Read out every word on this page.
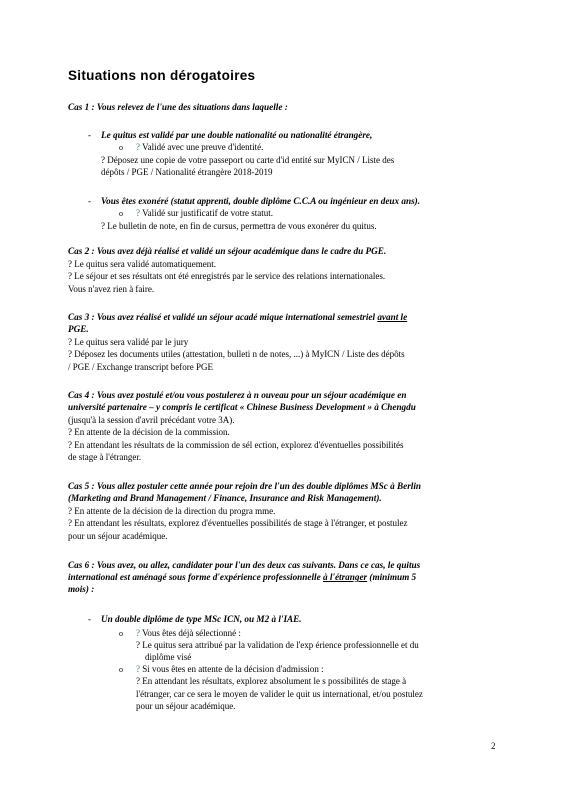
Situations non dérogatoires
Cas 1 : Vous relevez de l'une des situations dans laquelle :
- Le quitus est validé par une double nationalité ou nationalité étrangère,
o ? Validé avec une preuve d'identité.
? Déposez une copie de votre passeport ou carte d'id entité sur MyICN / Liste des
dépôts / PGE / Nationalité étrangère 2018-2019
- Vous êtes exonéré (statut apprenti, double diplôme C.C.A ou ingénieur en deux ans).
o ? Validé sur justificatif de votre statut.
? Le bulletin de note, en fin de cursus, permettra de vous exonérer du quitus.
Cas 2 : Vous avez déjà réalisé et validé un séjour académique dans le cadre du PGE.
? Le quitus sera validé automatiquement.
? Le séjour et ses résultats ont été enregistrés par le service des relations internationales.
Vous n'avez rien à faire.
Cas 3 : Vous avez réalisé et validé un séjour acadé mique international semestriel avant le
PGE.
? Le quitus sera validé par le jury
? Déposez les documents utiles (attestation, bulleti n de notes, ...) à MyICN / Liste des dépôts
/ PGE / Exchange transcript before PGE
Cas 4 : Vous avez postulé et/ou vous postulerez à n ouveau pour un séjour académique en
université partenaire – y compris le certificat « Chinese Business Development » à Chengdu
(jusqu'à la session d'avril précédant votre 3A).
? En attente de la décision de la commission.
? En attendant les résultats de la commission de sél ection, explorez d'éventuelles possibilités
de stage à l'étranger.
Cas 5 : Vous allez postuler cette année pour rejoin dre l'un des double diplômes MSc à Berlin
(Marketing and Brand Management / Finance, Insurance and Risk Management).
? En attente de la décision de la direction du progra mme.
? En attendant les résultats, explorez d'éventuelles possibilités de stage à l'étranger, et postulez
pour un séjour académique.
Cas 6 : Vous avez, ou allez, candidater pour l'un des deux cas suivants. Dans ce cas, le quitus
international est aménagé sous forme d'expérience professionnelle à l'étranger (minimum 5
mois) :
- Un double diplôme de type MSc ICN, ou M2 à l'IAE.
o ? Vous êtes déjà sélectionné :
? Le quitus sera attribué par la validation de l'exp érience professionnelle et du
diplôme visé
o ? Si vous êtes en attente de la décision d'admission :
? En attendant les résultats, explorez absolument le s possibilités de stage à
l'étranger, car ce sera le moyen de valider le quit us international, et/ou postulez
pour un séjour académique.
2
